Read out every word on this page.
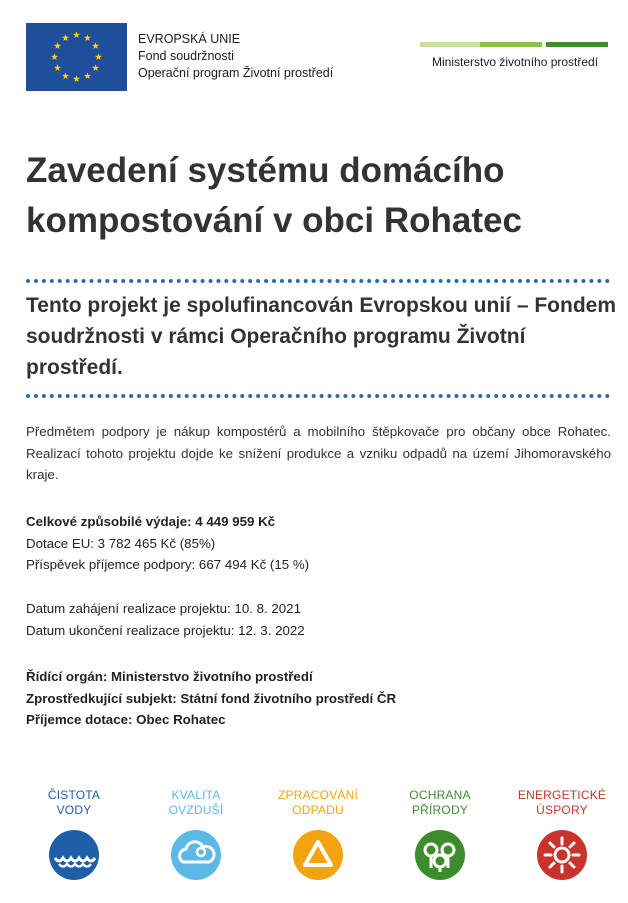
EVROPSKÁ UNIE
Fond soudržnosti
Operační program Životní prostředí
Ministerstvo životního prostředí
Zavedení systému domácího kompostování v obci Rohatec
Tento projekt je spolufinancován Evropskou unií – Fondem soudržnosti v rámci Operačního programu Životní prostředí.

Předmětem podpory je nákup kompostérů a mobilního štěpkovače pro občany obce Rohatec. Realizací tohoto projektu dojde ke snížení produkce a vzniku odpadů na území Jihomoravského kraje.

Celkové způsobilé výdaje: 4 449 959 Kč
Dotace EU: 3 782 465 Kč (85%)
Příspěvek příjemce podpory: 667 494 Kč (15 %)
Datum zahájení realizace projektu: 10. 8. 2021
Datum ukončení realizace projektu: 12. 3. 2022
Řídící orgán: Ministerstvo životního prostředí
Zprostředkující subjekt: Státní fond životního prostředí ČR
Příjemce dotace: Obec Rohatec
ČISTOTA
VODY
KVALITA
OVZDUŠÍ
ZPRACOVÁNÍ
ODPADU
OCHRANA
PŘÍRODY
ENERGETICKÉ
ÚSPORY
